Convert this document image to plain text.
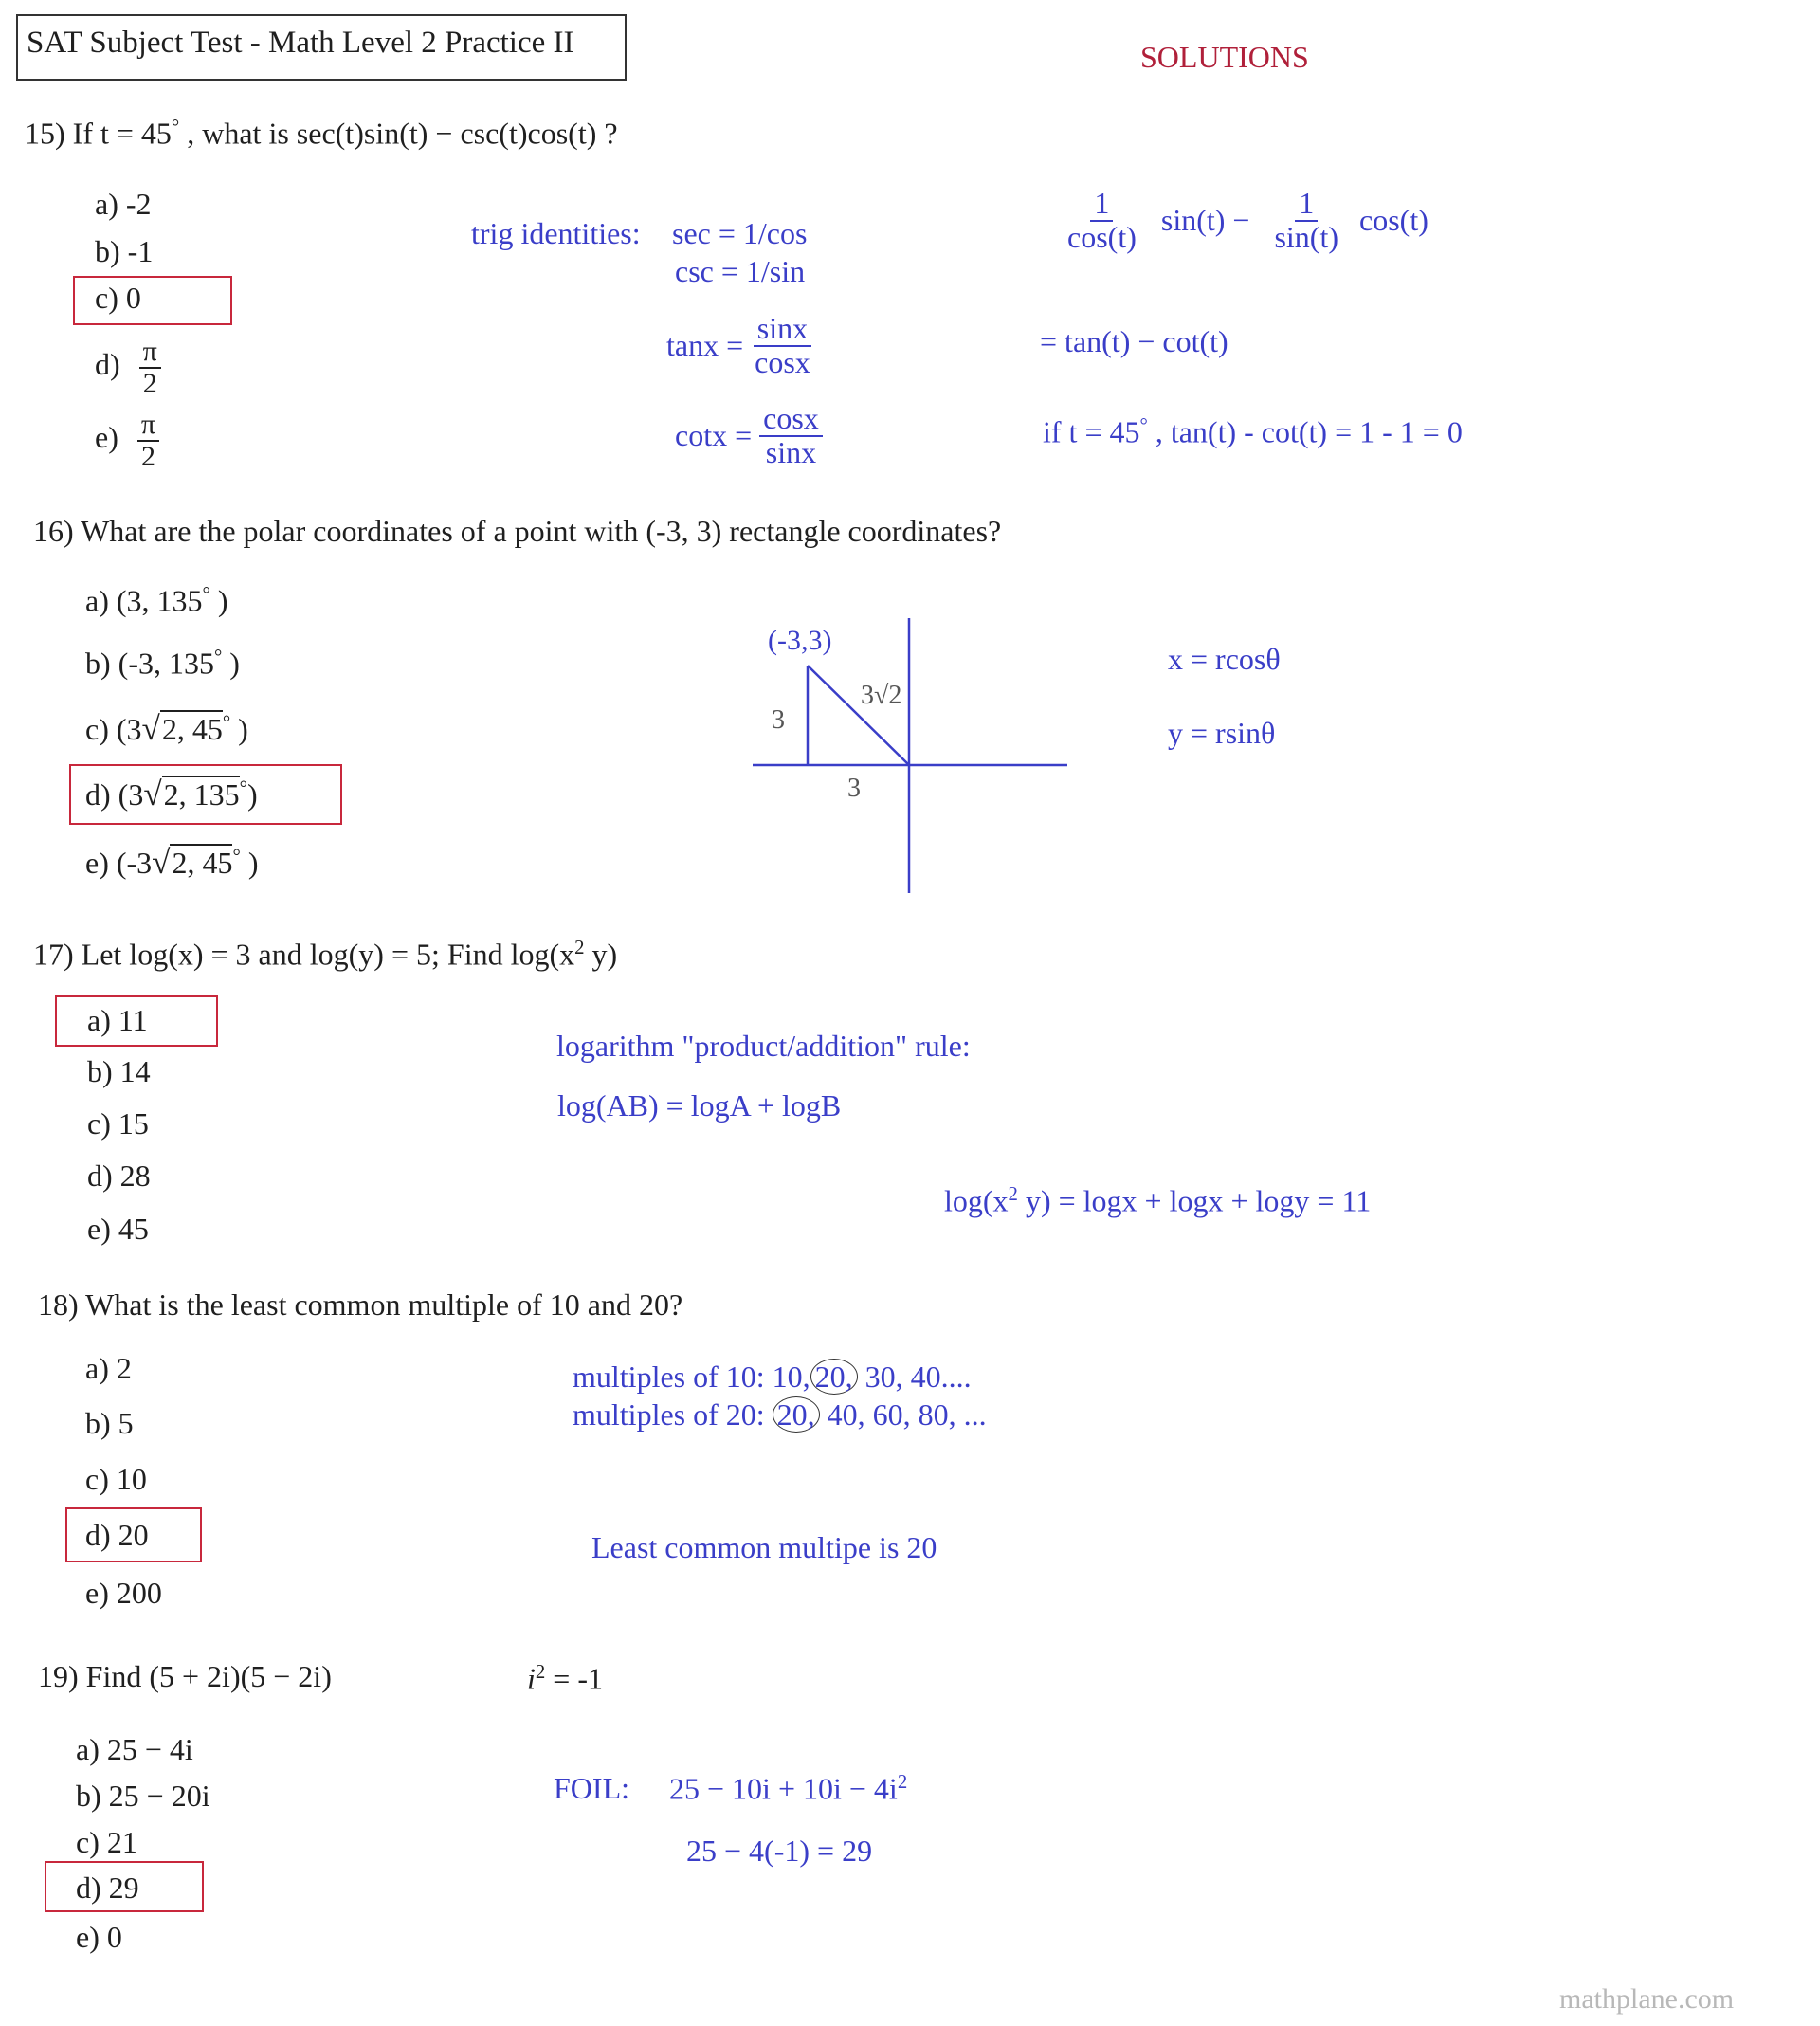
SAT Subject Test - Math Level 2 Practice II	SOLUTIONS
15) If t = 45° , what is sec(t)sin(t) − csc(t)cos(t) ?
a) -2
b) -1
c) 0
$d) \frac{\pi}{2}$
$e) \frac{\pi}{2}$
trig identities: sec = 1/cos
csc = 1/sin
$\tan x = \frac{\sin x}{\cos x}$
$\cot x = \frac{\cos x}{\sin x}$
$\frac{1}{\cos(t)} \sin(t) - \frac{1}{\sin(t)} \cos(t)$
= tan(t) − cot(t)
if t = 45° , tan(t) - cot(t) = 1 - 1 = 0
16) What are the polar coordinates of a point with (-3, 3) rectangle coordinates?
a) (3, 135° )
b) (-3, 135° )
c) (3√2, 45° )
d) (3√2, 135°)
e) (-3√2, 45° )
(-3,3)
3
3
3√2
x = rcosθ
y = rsinθ
17) Let log(x) = 3 and log(y) = 5; Find $\log(x^2$ y)
a) 11
b) 14
c) 15
d) 28
e) 45
logarithm "product/addition" rule:
log(AB) = logA + logB
$\log(x^2$ y) = logx + logx + logy = 11
18) What is the least common multiple of 10 and 20?
a) 2
b) 5
c) 10
d) 20
e) 200
multiples of 10: 10, 20, 30, 40....
multiples of 20: 20, 40, 60, 80, ...
Least common multipe is 20
19) Find (5 + 2i)(5 − 2i)	$i^2 = -1$
a) 25 − 4i
b) 25 − 20i
c) 21
d) 29
e) 0
FOIL: $25 - 10i + 10i - 4i^2$
25 − 4(-1) = 29
mathplane.com
